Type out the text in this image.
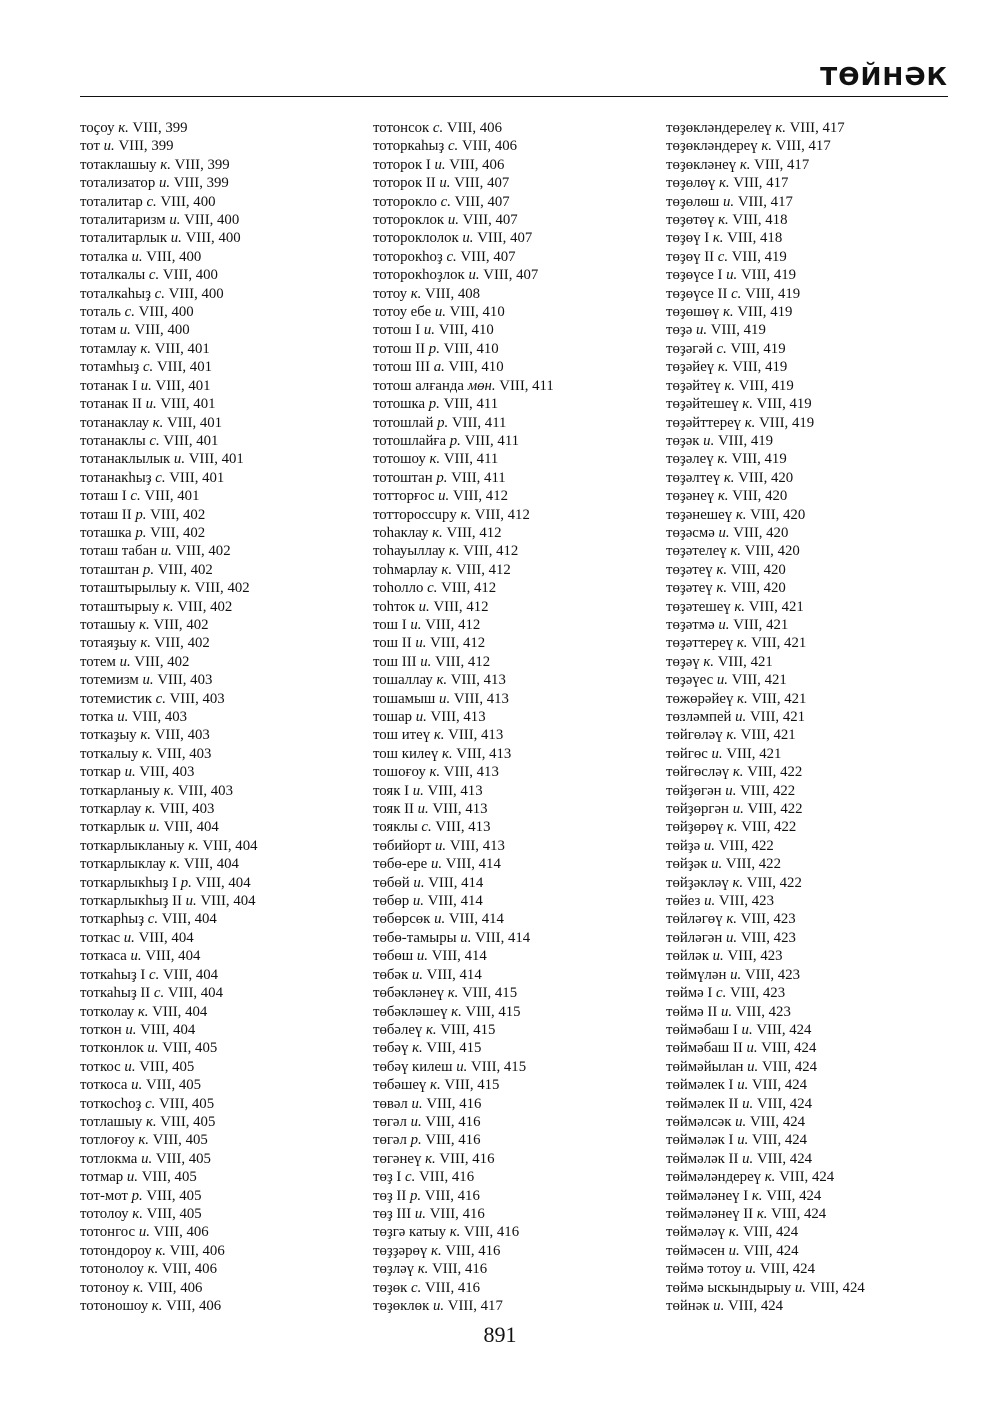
ТӨЙНӘК
тоҫоу к. VIII, 399
тот и. VIII, 399
тотаклашыу к. VIII, 399
тотализатор и. VIII, 399
тоталитар с. VIII, 400
тоталитаризм и. VIII, 400
тоталитарлык и. VIII, 400
тоталка и. VIII, 400
тоталкалы с. VIII, 400
тоталкаһыҙ с. VIII, 400
тоталь с. VIII, 400
тотам и. VIII, 400
тотамлау к. VIII, 401
тотамһыҙ с. VIII, 401
тотанак I и. VIII, 401
тотанак II и. VIII, 401
тотанаклау к. VIII, 401
тотанаклы с. VIII, 401
тотанаклылык и. VIII, 401
тотанакһыҙ с. VIII, 401
тоташ I с. VIII, 401
тоташ II р. VIII, 402
тоташка р. VIII, 402
тоташ табан и. VIII, 402
тоташтан р. VIII, 402
тоташтырылыу к. VIII, 402
тоташтырыу к. VIII, 402
тоташыу к. VIII, 402
тотаяҙыу к. VIII, 402
тотем и. VIII, 402
тотемизм и. VIII, 403
тотемистик с. VIII, 403
тотка и. VIII, 403
тоткаҙыу к. VIII, 403
тоткалыу к. VIII, 403
тоткар и. VIII, 403
тоткарланыу к. VIII, 403
тоткарлау к. VIII, 403
тоткарлык и. VIII, 404
тоткарлыкланыу к. VIII, 404
тоткарлыклау к. VIII, 404
тоткарлыкһыҙ I р. VIII, 404
тоткарлыкһыҙ II и. VIII, 404
тоткарһыҙ с. VIII, 404
тоткас и. VIII, 404
тоткаса и. VIII, 404
тоткаһыҙ I с. VIII, 404
тоткаһыҙ II с. VIII, 404
тотколау к. VIII, 404
тоткон и. VIII, 404
тотконлок и. VIII, 405
тоткос и. VIII, 405
тоткоса и. VIII, 405
тоткосһоҙ с. VIII, 405
тотлашыу к. VIII, 405
тотлоғоу к. VIII, 405
тотлокма и. VIII, 405
тотмар и. VIII, 405
тот-мот р. VIII, 405
тотолоу к. VIII, 405
тотонгос и. VIII, 406
тотондороу к. VIII, 406
тотонолоу к. VIII, 406
тотоноу к. VIII, 406
тотоношоу к. VIII, 406
тотонсок с. VIII, 406
тоторкаһыҙ с. VIII, 406
тоторок I и. VIII, 406
тоторок II и. VIII, 407
тоторокло с. VIII, 407
тотороклок и. VIII, 407
тотороклолок и. VIII, 407
тоторокһоҙ с. VIII, 407
тоторокһоҙлок и. VIII, 407
тотоу к. VIII, 408
тотоу ебе и. VIII, 410
тотош I и. VIII, 410
тотош II р. VIII, 410
тотош III а. VIII, 410
тотош алғанда мөн. VIII, 411
тотошка р. VIII, 411
тотошлай р. VIII, 411
тотошлайға р. VIII, 411
тотошоу к. VIII, 411
тотоштан р. VIII, 411
тотторғос и. VIII, 412
тотторoccupy к. VIII, 412
тоһаклау к. VIII, 412
тоһауыллау к. VIII, 412
тоһмарлау к. VIII, 412
тоһолло с. VIII, 412
тоһток и. VIII, 412
тош I и. VIII, 412
тош II и. VIII, 412
тош III и. VIII, 412
тошаллау к. VIII, 413
тошамыш и. VIII, 413
тошар и. VIII, 413
тош итеү к. VIII, 413
тош килеү к. VIII, 413
тошоғоу к. VIII, 413
тояк I и. VIII, 413
тояк II и. VIII, 413
тояклы с. VIII, 413
төбийорт и. VIII, 413
төбө-ере и. VIII, 414
төбөй и. VIII, 414
төбөр и. VIII, 414
төбөрсөк и. VIII, 414
төбө-тамыры и. VIII, 414
төбөш и. VIII, 414
төбәк и. VIII, 414
төбәкләнеү к. VIII, 415
төбәкләшеү к. VIII, 415
төбәлеү к. VIII, 415
төбәү к. VIII, 415
төбәү килеш и. VIII, 415
төбәшеү к. VIII, 415
төвәл и. VIII, 416
төгәл и. VIII, 416
төгәл р. VIII, 416
төгәнеү к. VIII, 416
төҙ I с. VIII, 416
төҙ II р. VIII, 416
төҙ III и. VIII, 416
төҙгә катыу к. VIII, 416
төҙҙәрөү к. VIII, 416
төҙләү к. VIII, 416
төҙөк с. VIII, 416
төҙөклөк и. VIII, 417
төҙөкләндерелеү к. VIII, 417
төҙөкләндереү к. VIII, 417
төҙөкләнеү к. VIII, 417
төҙөлөү к. VIII, 417
төҙөлөш и. VIII, 417
төҙөтөү к. VIII, 418
төҙөү I к. VIII, 418
төҙөү II с. VIII, 419
төҙөүсе I и. VIII, 419
төҙөүсе II с. VIII, 419
төҙөшөү к. VIII, 419
төҙә и. VIII, 419
төҙәгәй с. VIII, 419
төҙәйеү к. VIII, 419
төҙәйтеү к. VIII, 419
төҙәйтешеү к. VIII, 419
төҙәйттереү к. VIII, 419
төҙәк и. VIII, 419
төҙәлеү к. VIII, 419
төҙәлтеү к. VIII, 420
төҙәнеү к. VIII, 420
төҙәнешеү к. VIII, 420
төҙәсмә и. VIII, 420
төҙәтелеү к. VIII, 420
төҙәтеү к. VIII, 420
төҙәтеү к. VIII, 420
төҙәтешеү к. VIII, 421
төҙәтмә и. VIII, 421
төҙәттереү к. VIII, 421
төҙәү к. VIII, 421
төҙәүес и. VIII, 421
төжөрәйеү к. VIII, 421
төзләмпей и. VIII, 421
төйгөләү к. VIII, 421
төйгөс и. VIII, 421
төйгөсләү к. VIII, 422
төйҙөгән и. VIII, 422
төйҙөргән и. VIII, 422
төйҙөрөү к. VIII, 422
төйҙә и. VIII, 422
төйҙәк и. VIII, 422
төйҙәкләү к. VIII, 422
төйез и. VIII, 423
төйләгөү к. VIII, 423
төйләгән и. VIII, 423
төйләк и. VIII, 423
төймүлән и. VIII, 423
төймә I с. VIII, 423
төймә II и. VIII, 423
төймәбаш I и. VIII, 424
төймәбаш II и. VIII, 424
төймәйылан и. VIII, 424
төймәлек I и. VIII, 424
төймәлек II и. VIII, 424
төймәлсәк и. VIII, 424
төймәләк I и. VIII, 424
төймәләк II и. VIII, 424
төймәләндереү к. VIII, 424
төймәләнеү I к. VIII, 424
төймәләнеү II к. VIII, 424
төймәләү к. VIII, 424
төймәсен и. VIII, 424
төймә тотоу и. VIII, 424
төймә ыскындырыу и. VIII, 424
төйнәк и. VIII, 424
891
